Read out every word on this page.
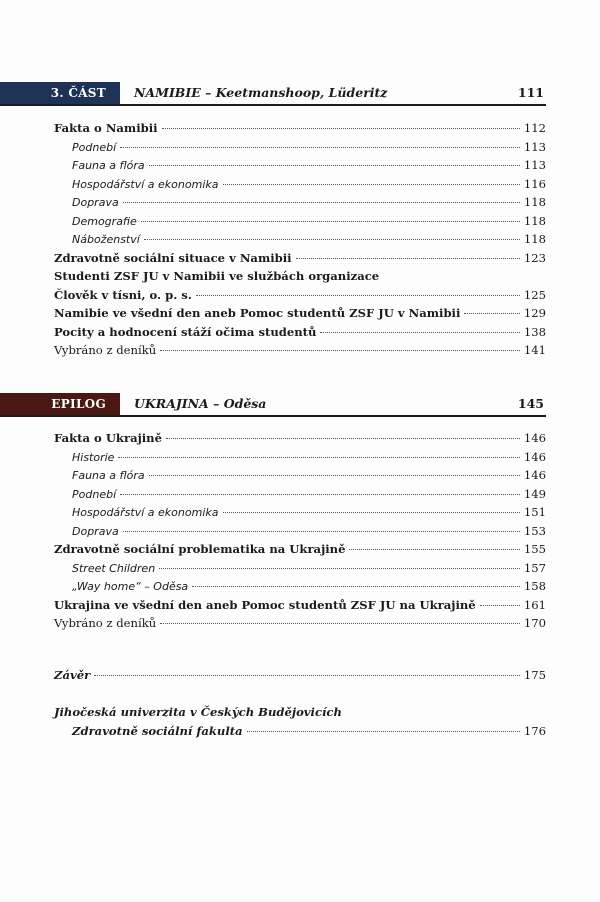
3. ČÁST	NAMIBIE – Keetmanshoop, Lüderitz	111
Fakta o Namibii	112
Podnebí	113
Fauna a flóra	113
Hospodářství a ekonomika	116
Doprava	118
Demografie	118
Náboženství	118
Zdravotně sociální situace v Namibii	123
Studenti ZSF JU v Namibii ve službách organizace
Člověk v tísni, o. p. s.	125
Namibie ve všední den aneb Pomoc studentů ZSF JU v Namibii	129
Pocity a hodnocení stáží očima studentů	138
Vybráno z deníků	141
EPILOG	UKRAJINA – Oděsa	145
Fakta o Ukrajině	146
Historie	146
Fauna a flóra	146
Podnebí	149
Hospodářství a ekonomika	151
Doprava	153
Zdravotně sociální problematika na Ukrajině	155
Street Children	157
„Way home“ – Oděsa	158
Ukrajina ve všední den aneb Pomoc studentů ZSF JU na Ukrajině	161
Vybráno z deníků	170
Závěr	175
Jihočeská univerzita v Českých Budějovicích
Zdravotně sociální fakulta	176
